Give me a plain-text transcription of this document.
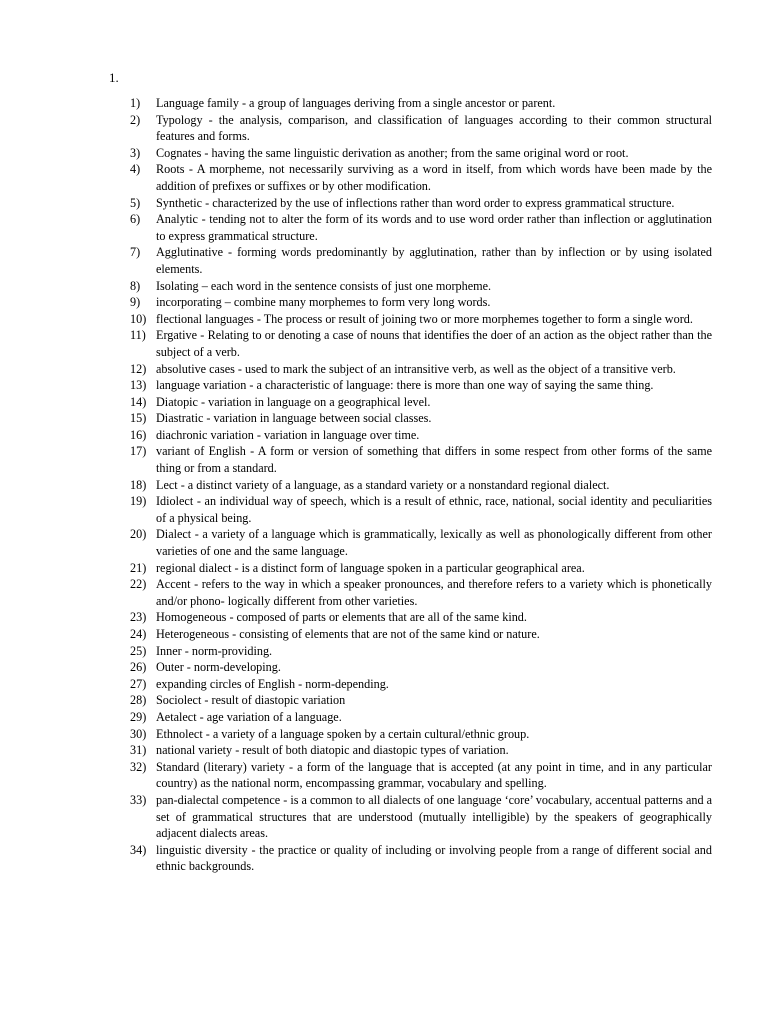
1.
1) Language family - a group of languages deriving from a single ancestor or parent.
2) Typology - the analysis, comparison, and classification of languages according to their common structural features and forms.
3) Cognates - having the same linguistic derivation as another; from the same original word or root.
4) Roots - A morpheme, not necessarily surviving as a word in itself, from which words have been made by the addition of prefixes or suffixes or by other modification.
5) Synthetic - characterized by the use of inflections rather than word order to express grammatical structure.
6) Analytic - tending not to alter the form of its words and to use word order rather than inflection or agglutination to express grammatical structure.
7) Agglutinative - forming words predominantly by agglutination, rather than by inflection or by using isolated elements.
8) Isolating – each word in the sentence consists of just one morpheme.
9) incorporating – combine many morphemes to form very long words.
10) flectional languages - The process or result of joining two or more morphemes together to form a single word.
11) Ergative - Relating to or denoting a case of nouns that identifies the doer of an action as the object rather than the subject of a verb.
12) absolutive cases - used to mark the subject of an intransitive verb, as well as the object of a transitive verb.
13) language variation - a characteristic of language: there is more than one way of saying the same thing.
14) Diatopic - variation in language on a geographical level.
15) Diastratic - variation in language between social classes.
16) diachronic variation - variation in language over time.
17) variant of English - A form or version of something that differs in some respect from other forms of the same thing or from a standard.
18) Lect - a distinct variety of a language, as a standard variety or a nonstandard regional dialect.
19) Idiolect - an individual way of speech, which is a result of ethnic, race, national, social identity and peculiarities of a physical being.
20) Dialect - a variety of a language which is grammatically, lexically as well as phonologically different from other varieties of one and the same language.
21) regional dialect - is a distinct form of language spoken in a particular geographical area.
22) Accent - refers to the way in which a speaker pronounces, and therefore refers to a variety which is phonetically and/or phono- logically different from other varieties.
23) Homogeneous - composed of parts or elements that are all of the same kind.
24) Heterogeneous - consisting of elements that are not of the same kind or nature.
25) Inner - norm-providing.
26) Outer - norm-developing.
27) expanding circles of English - norm-depending.
28) Sociolect - result of diastopic variation
29) Aetalect - age variation of a language.
30) Ethnolect - a variety of a language spoken by a certain cultural/ethnic group.
31) national variety - result of both diatopic and diastopic types of variation.
32) Standard (literary) variety - a form of the language that is accepted (at any point in time, and in any particular country) as the national norm, encompassing grammar, vocabulary and spelling.
33) pan-dialectal competence - is a common to all dialects of one language ‘core’ vocabulary, accentual patterns and a set of grammatical structures that are understood (mutually intelligible) by the speakers of geographically adjacent dialects areas.
34) linguistic diversity - the practice or quality of including or involving people from a range of different social and ethnic backgrounds.
